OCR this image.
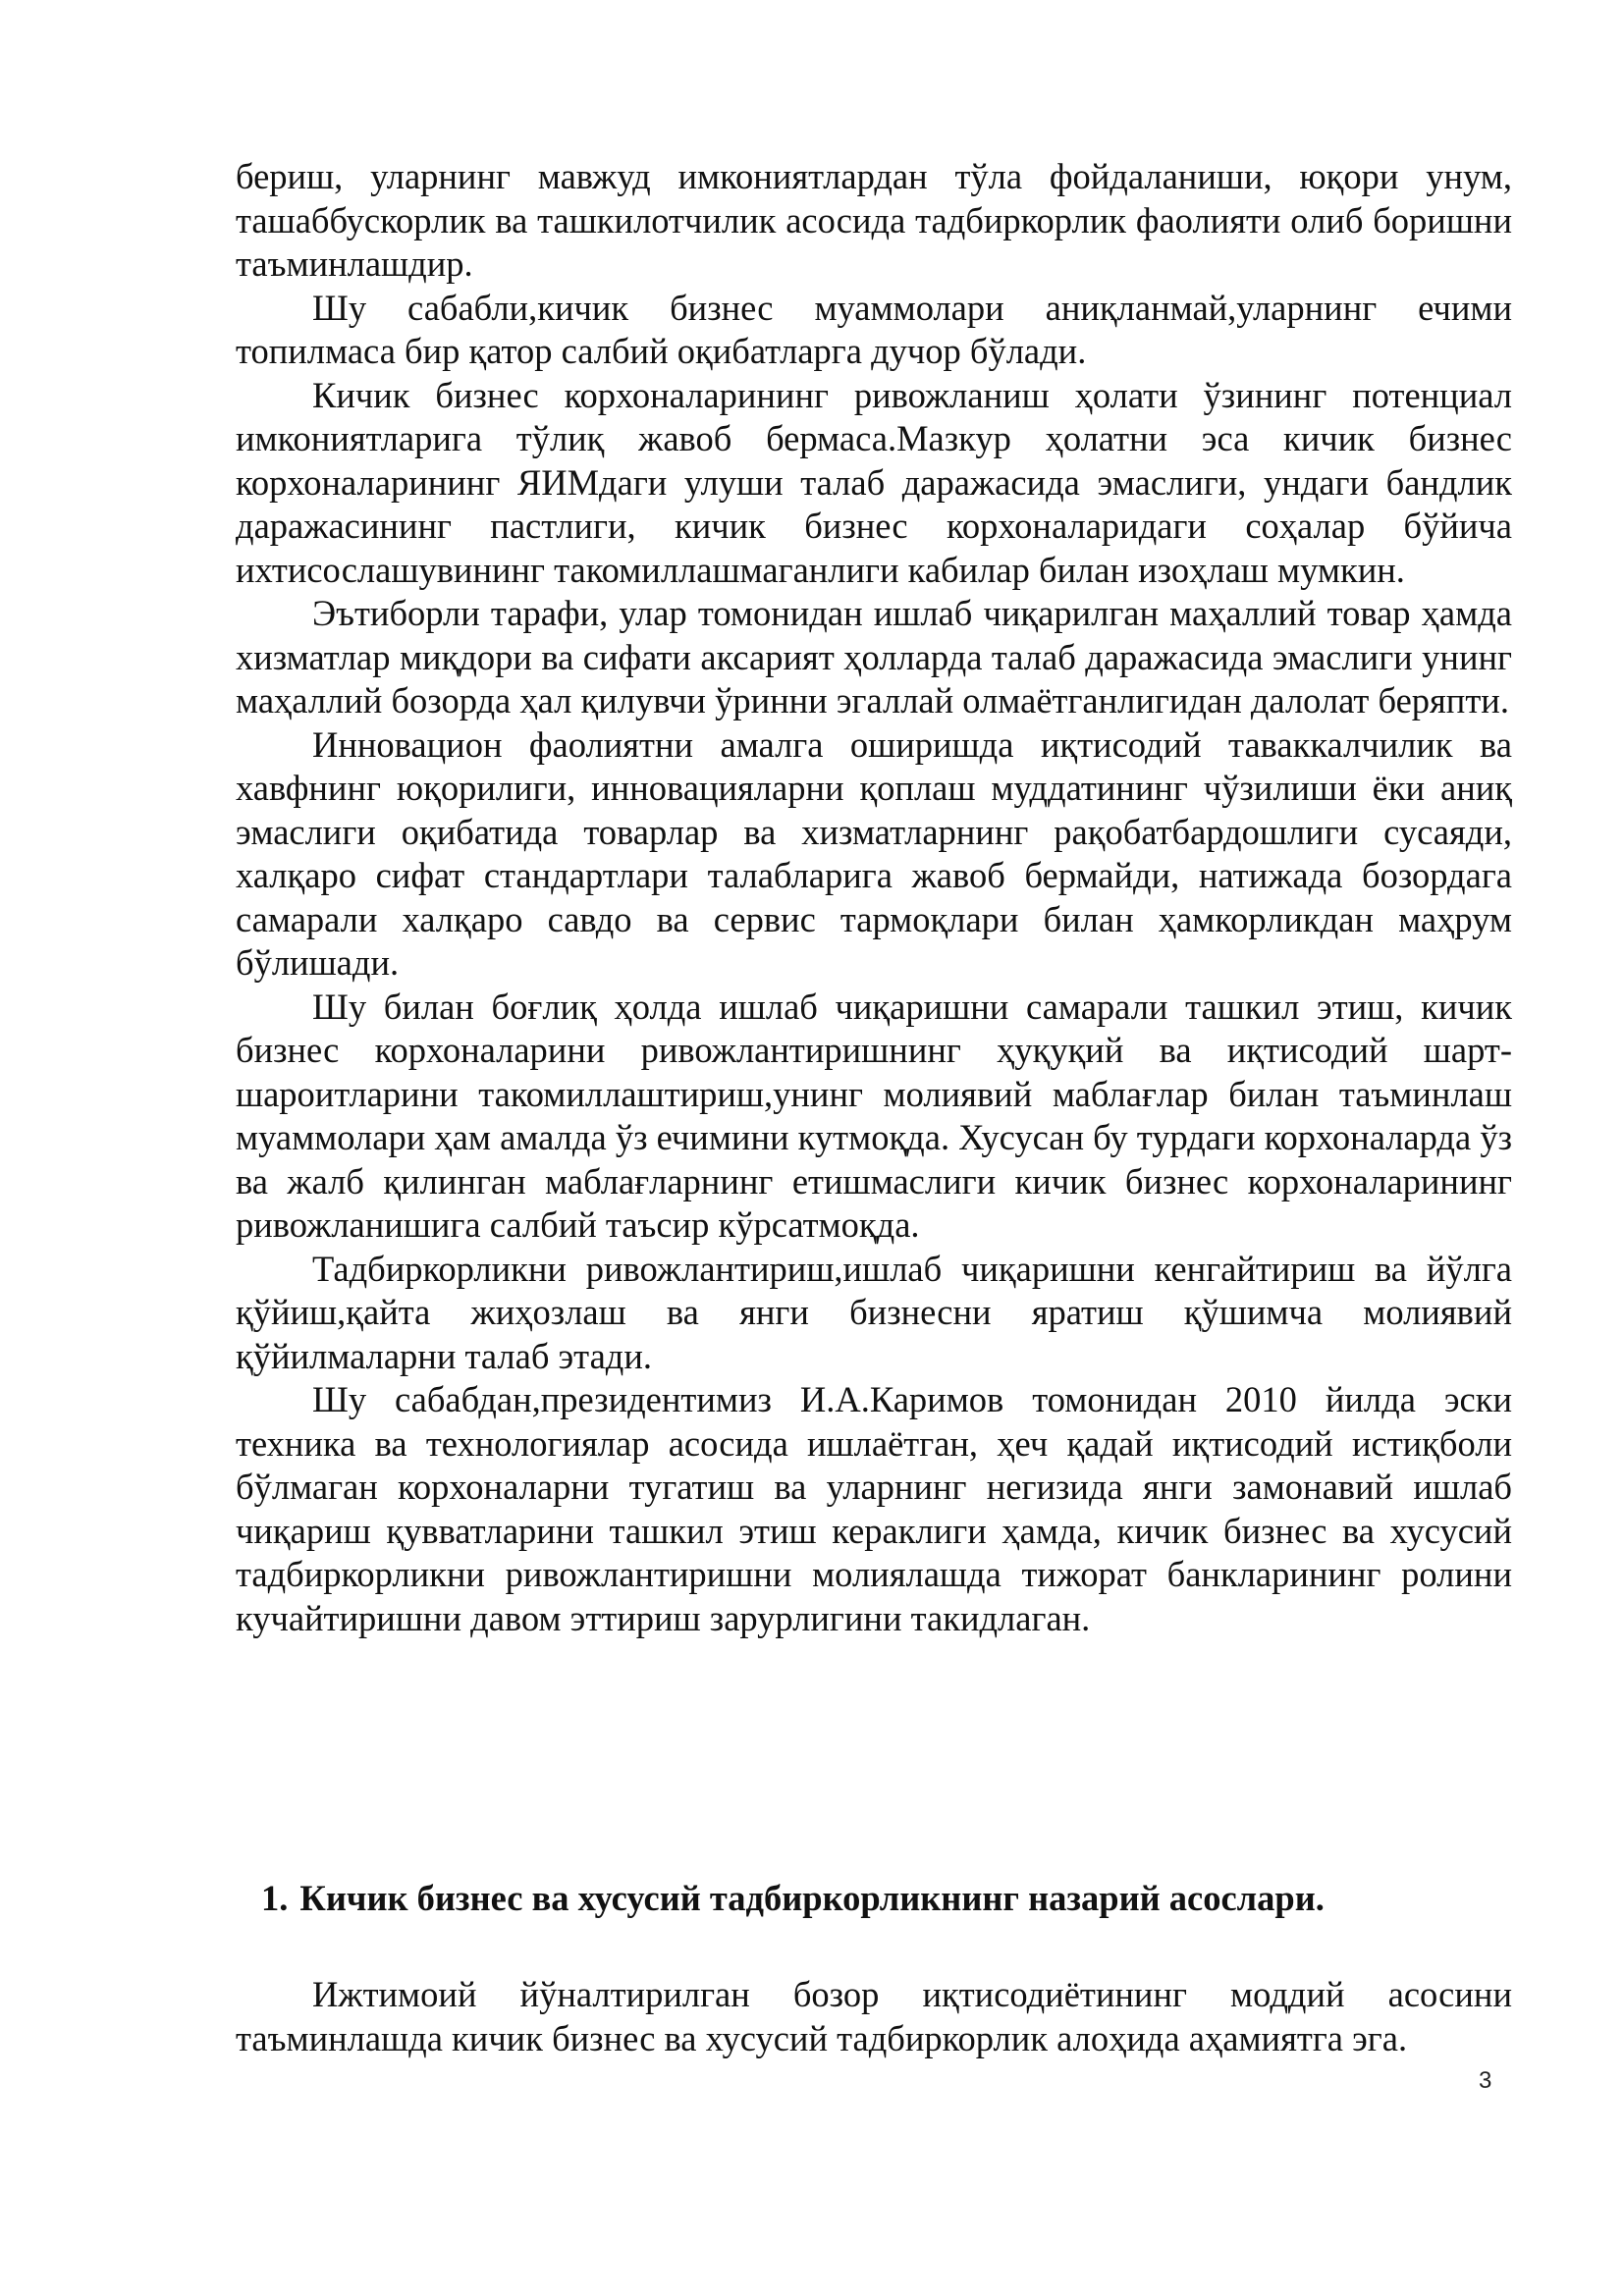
бериш, уларнинг мавжуд имкониятлардан тўла фойдаланиши, юқори унум, ташаббускорлик ва ташкилотчилик асосида тадбиркорлик фаолияти олиб боришни таъминлашдир.

Шу сабабли,кичик бизнес муаммолари аниқланмай,уларнинг ечими топилмаса бир қатор салбий оқибатларга дучор бўлади.

Кичик бизнес корхоналарининг ривожланиш ҳолати ўзининг потенциал имкониятларига тўлиқ жавоб бермаса.Мазкур ҳолатни эса кичик бизнес корхоналарининг ЯИМдаги улуши талаб даражасида эмаслиги, ундаги бандлик даражасининг пастлиги, кичик бизнес корхоналаридаги соҳалар бўйича ихтисослашувининг такомиллашмаганлиги кабилар билан изоҳлаш мумкин.

Эътиборли тарафи, улар томонидан ишлаб чиқарилган маҳаллий товар ҳамда хизматлар миқдори ва сифати аксарият ҳолларда талаб даражасида эмаслиги унинг маҳаллий бозорда ҳал қилувчи ўринни эгаллай олмаётганлигидан далолат беряпти.

Инновацион фаолиятни амалга оширишда иқтисодий таваккалчилик ва хавфнинг юқорилиги, инновацияларни қоплаш муддатининг чўзилиши ёки аниқ эмаслиги оқибатида товарлар ва хизматларнинг рақобатбардошлиги сусаяди, халқаро сифат стандартлари талабларига жавоб бермайди, натижада бозордага самарали халқаро савдо ва сервис тармоқлари билан ҳамкорликдан маҳрум бўлишади.

Шу билан боғлиқ ҳолда ишлаб чиқаришни самарали ташкил этиш, кичик бизнес корхоналарини ривожлантиришнинг ҳуқуқий ва иқтисодий шарт-шароитларини такомиллаштириш,унинг молиявий маблағлар билан таъминлаш муаммолари ҳам амалда ўз ечимини кутмоқда. Хусусан бу турдаги корхоналарда ўз ва жалб қилинган маблағларнинг етишмаслиги кичик бизнес корхоналарининг ривожланишига салбий таъсир кўрсатмоқда.

Тадбиркорликни ривожлантириш,ишлаб чиқаришни кенгайтириш ва йўлга қўйиш,қайта жиҳозлаш ва янги бизнесни яратиш қўшимча молиявий қўйилмаларни талаб этади.

Шу сабабдан,президентимиз И.А.Каримов томонидан 2010 йилда эски техника ва технологиялар асосида ишлаётган, ҳеч қадай иқтисодий истиқболи бўлмаган корхоналарни тугатиш ва уларнинг негизида янги замонавий ишлаб чиқариш қувватларини ташкил этиш кераклиги ҳамда, кичик бизнес ва хусусий тадбиркорликни ривожлантиришни молиялашда тижорат банкларининг ролини кучайтиришни давом эттириш зарурлигини такидлаган.

1. Кичик бизнес ва хусусий тадбиркорликнинг назарий асослари.

Ижтимоий йўналтирилган бозор иқтисодиётининг моддий асосини таъминлашда кичик бизнес ва хусусий тадбиркорлик алоҳида аҳамиятга эга.

3
